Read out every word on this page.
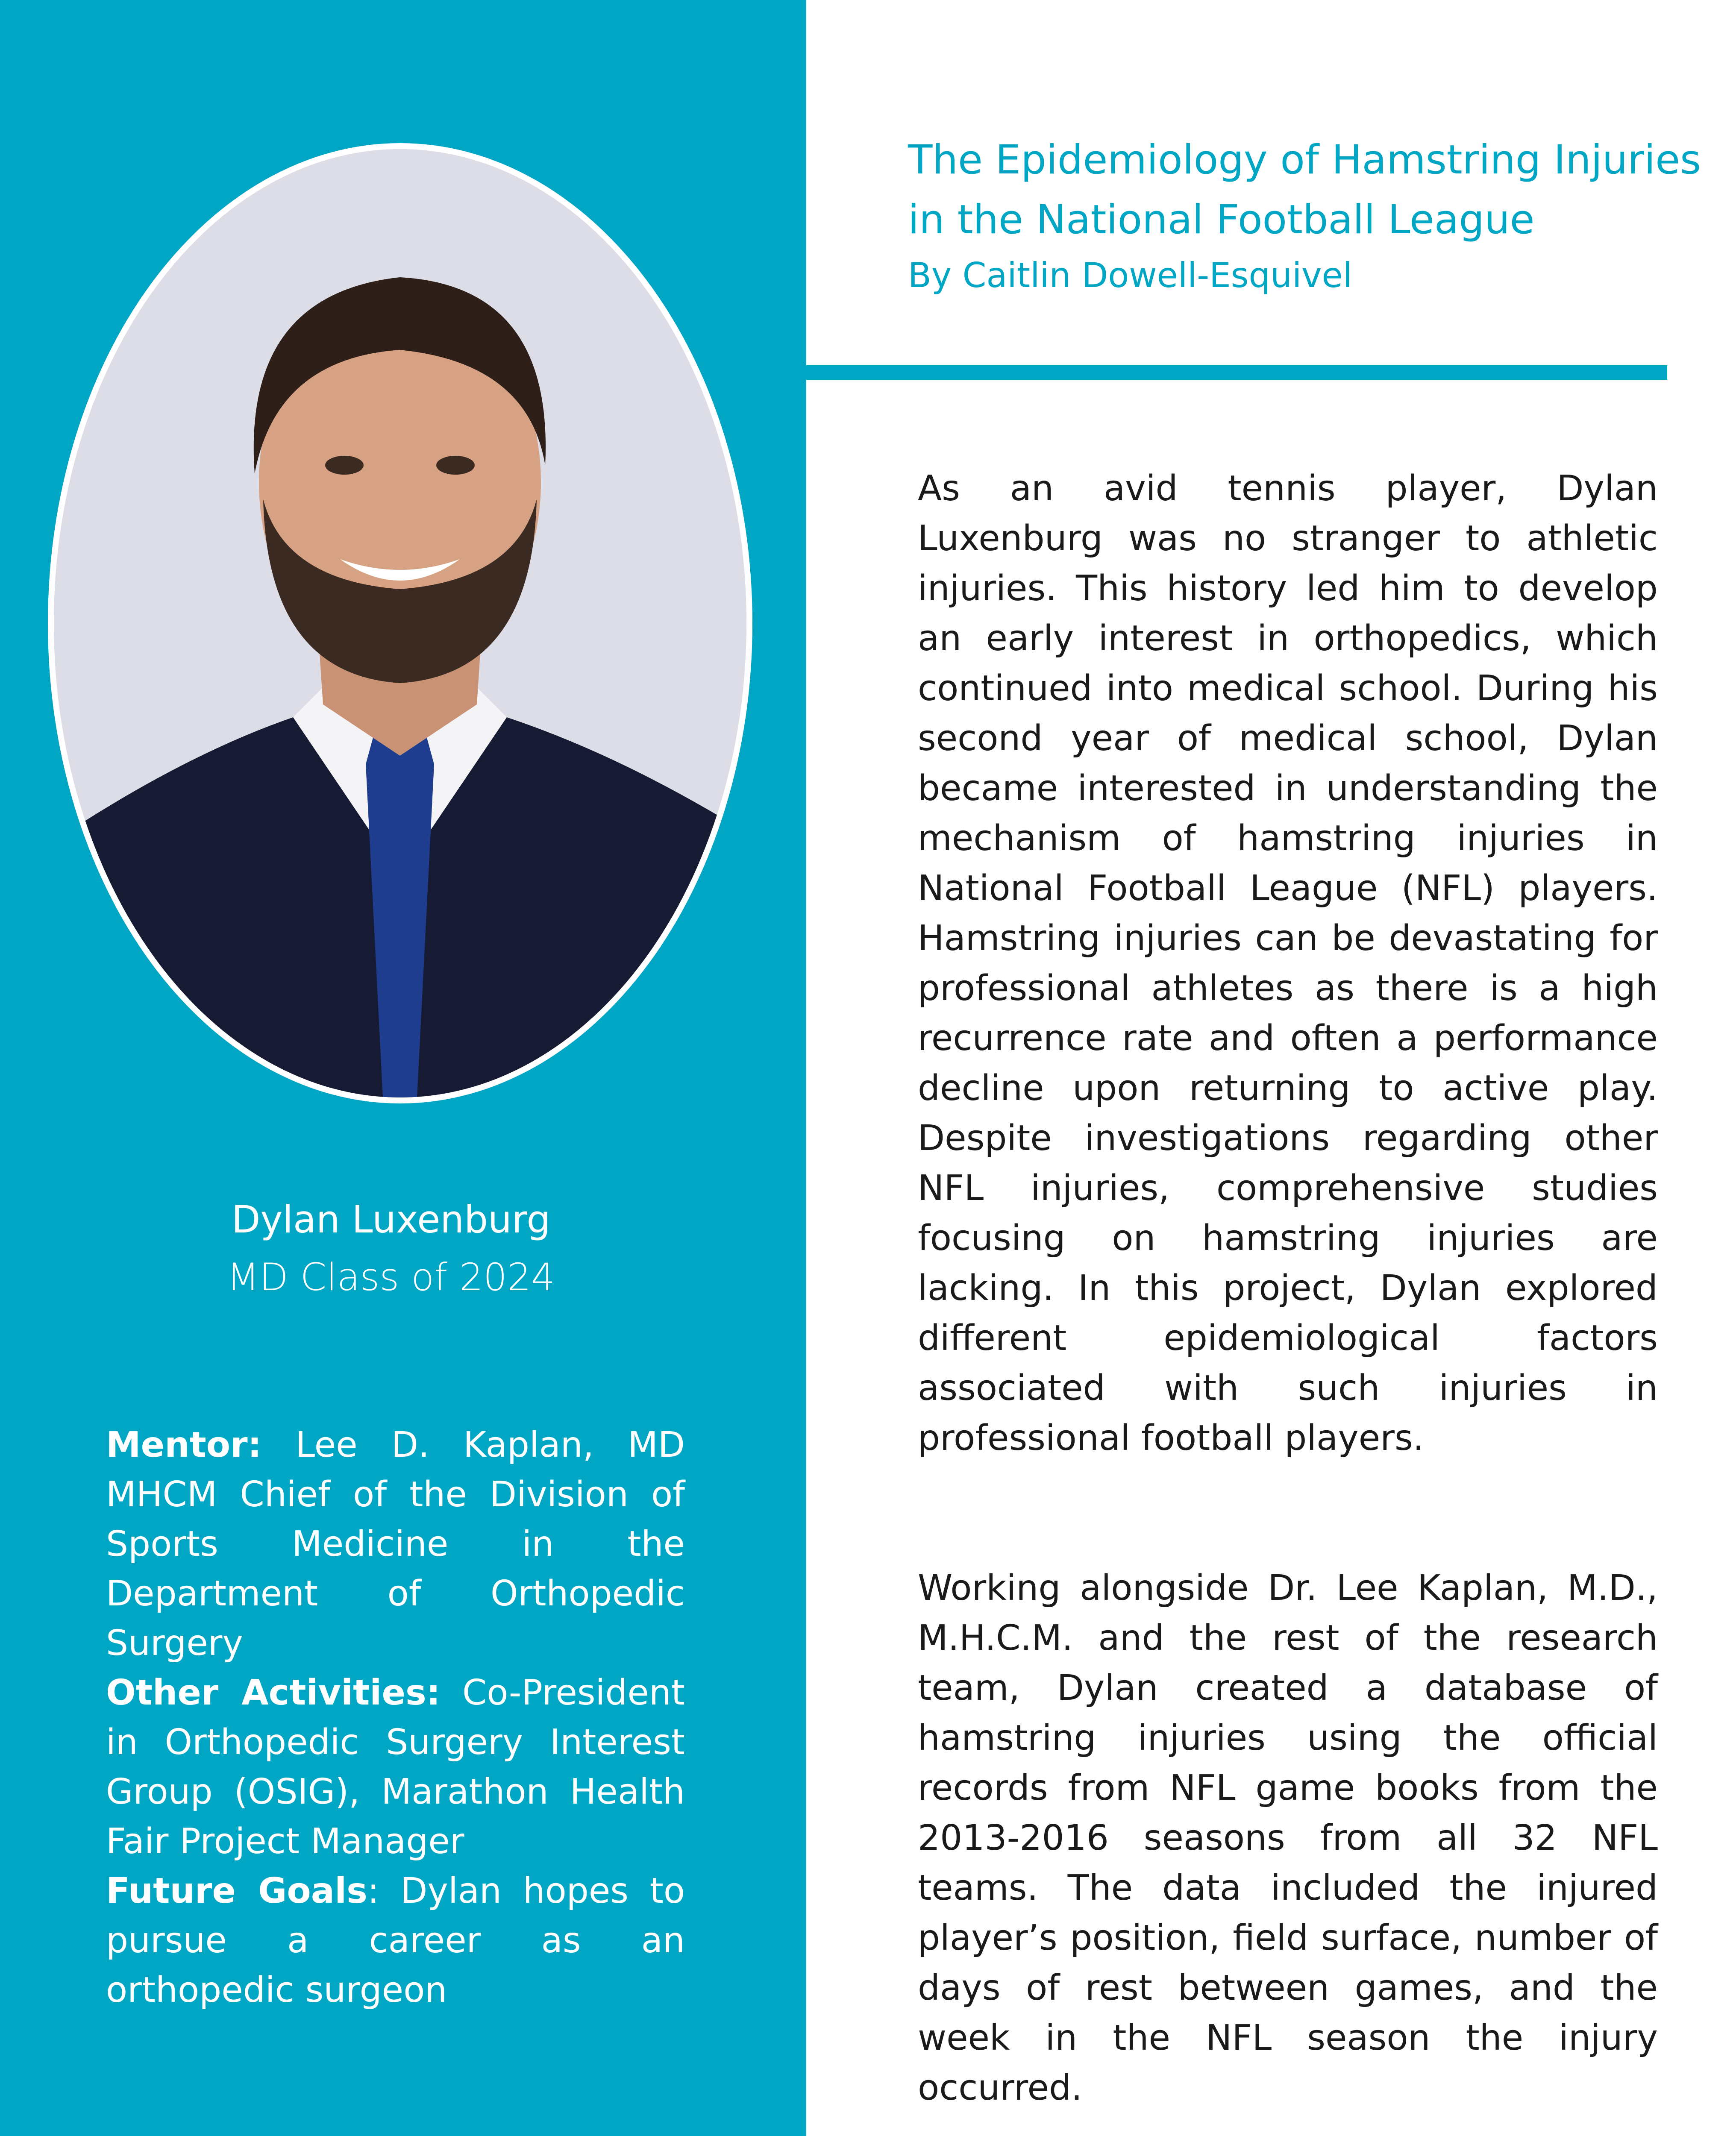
Dylan Luxenburg
MD Class of 2024

Mentor: Lee D. Kaplan, MD MHCM Chief of the Division of Sports Medicine in the Department of Orthopedic Surgery

Other Activities: Co-President in Orthopedic Surgery Interest Group (OSIG), Marathon Health Fair Project Manager

Future Goals: Dylan hopes to pursue a career as an orthopedic surgeon

The Epidemiology of Hamstring Injuries
in the National Football League
By Caitlin Dowell-Esquivel

As an avid tennis player, Dylan Luxenburg was no stranger to athletic injuries. This history led him to develop an early interest in orthopedics, which continued into medical school. During his second year of medical school, Dylan became interested in understanding the mechanism of hamstring injuries in National Football League (NFL) players. Hamstring injuries can be devastating for professional athletes as there is a high recurrence rate and often a performance decline upon returning to active play. Despite investigations regarding other NFL injuries, comprehensive studies focusing on hamstring injuries are lacking. In this project, Dylan explored different epidemiological factors associated with such injuries in professional football players.

Working alongside Dr. Lee Kaplan, M.D., M.H.C.M. and the rest of the research team, Dylan created a database of hamstring injuries using the official records from NFL game books from the 2013-2016 seasons from all 32 NFL teams. The data included the injured player’s position, field surface, number of days of rest between games, and the week in the NFL season the injury occurred.
